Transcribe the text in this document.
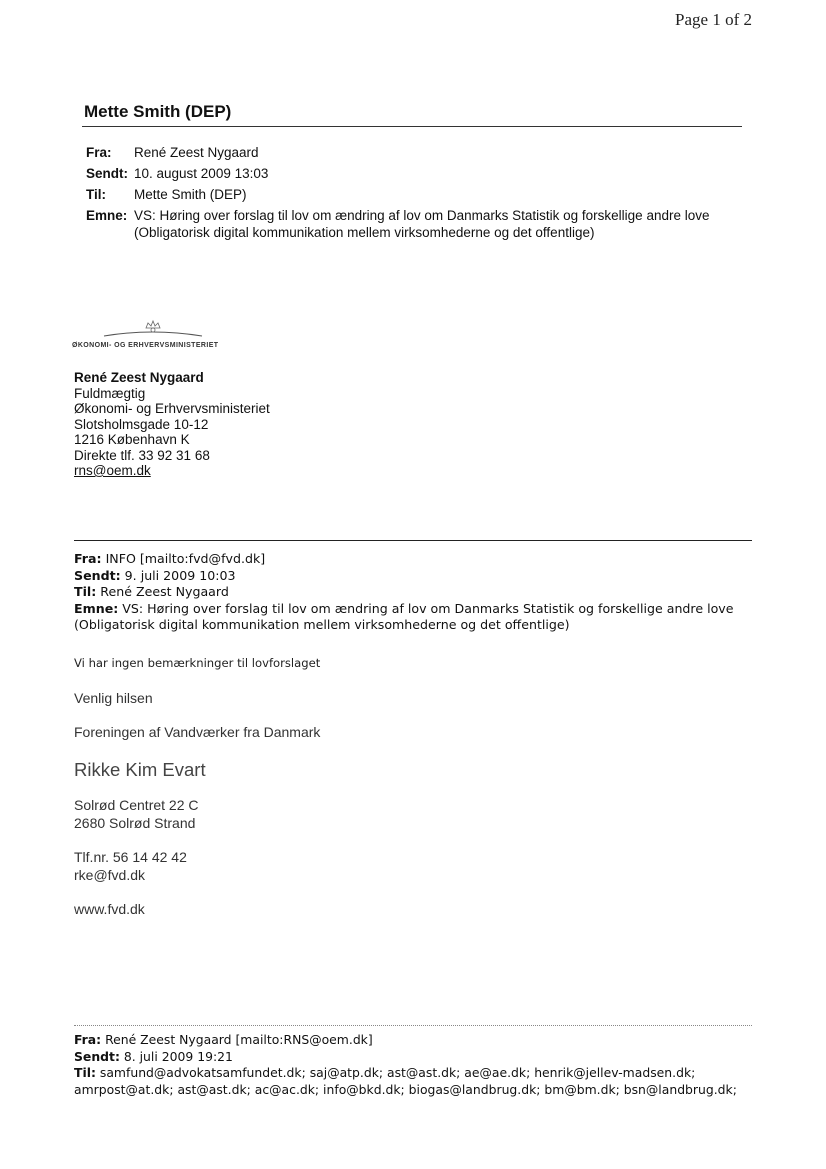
Page 1 of 2
Mette Smith (DEP)
Fra:	René Zeest Nygaard
Sendt: 10. august 2009 13:03
Til:	Mette Smith (DEP)
Emne: VS: Høring over forslag til lov om ændring af lov om Danmarks Statistik og forskellige andre love
(Obligatorisk digital kommunikation mellem virksomhederne og det offentlige)
ØKONOMI- OG ERHVERVSMINISTERIET
René Zeest Nygaard
Fuldmægtig
Økonomi- og Erhvervsministeriet
Slotsholmsgade 10-12
1216 København K
Direkte tlf. 33 92 31 68
rns@oem.dk
Fra: INFO [mailto:fvd@fvd.dk]
Sendt: 9. juli 2009 10:03
Til: René Zeest Nygaard
Emne: VS: Høring over forslag til lov om ændring af lov om Danmarks Statistik og forskellige andre love
(Obligatorisk digital kommunikation mellem virksomhederne og det offentlige)
Vi har ingen bemærkninger til lovforslaget
Venlig hilsen
Foreningen af Vandværker fra Danmark
Rikke Kim Evart
Solrød Centret 22 C
2680 Solrød Strand
Tlf.nr. 56 14 42 42
rke@fvd.dk
www.fvd.dk
Fra: René Zeest Nygaard [mailto:RNS@oem.dk]
Sendt: 8. juli 2009 19:21
Til: samfund@advokatsamfundet.dk; saj@atp.dk; ast@ast.dk; ae@ae.dk; henrik@jellev-madsen.dk;
amrpost@at.dk; ast@ast.dk; ac@ac.dk; info@bkd.dk; biogas@landbrug.dk; bm@bm.dk; bsn@landbrug.dk;
